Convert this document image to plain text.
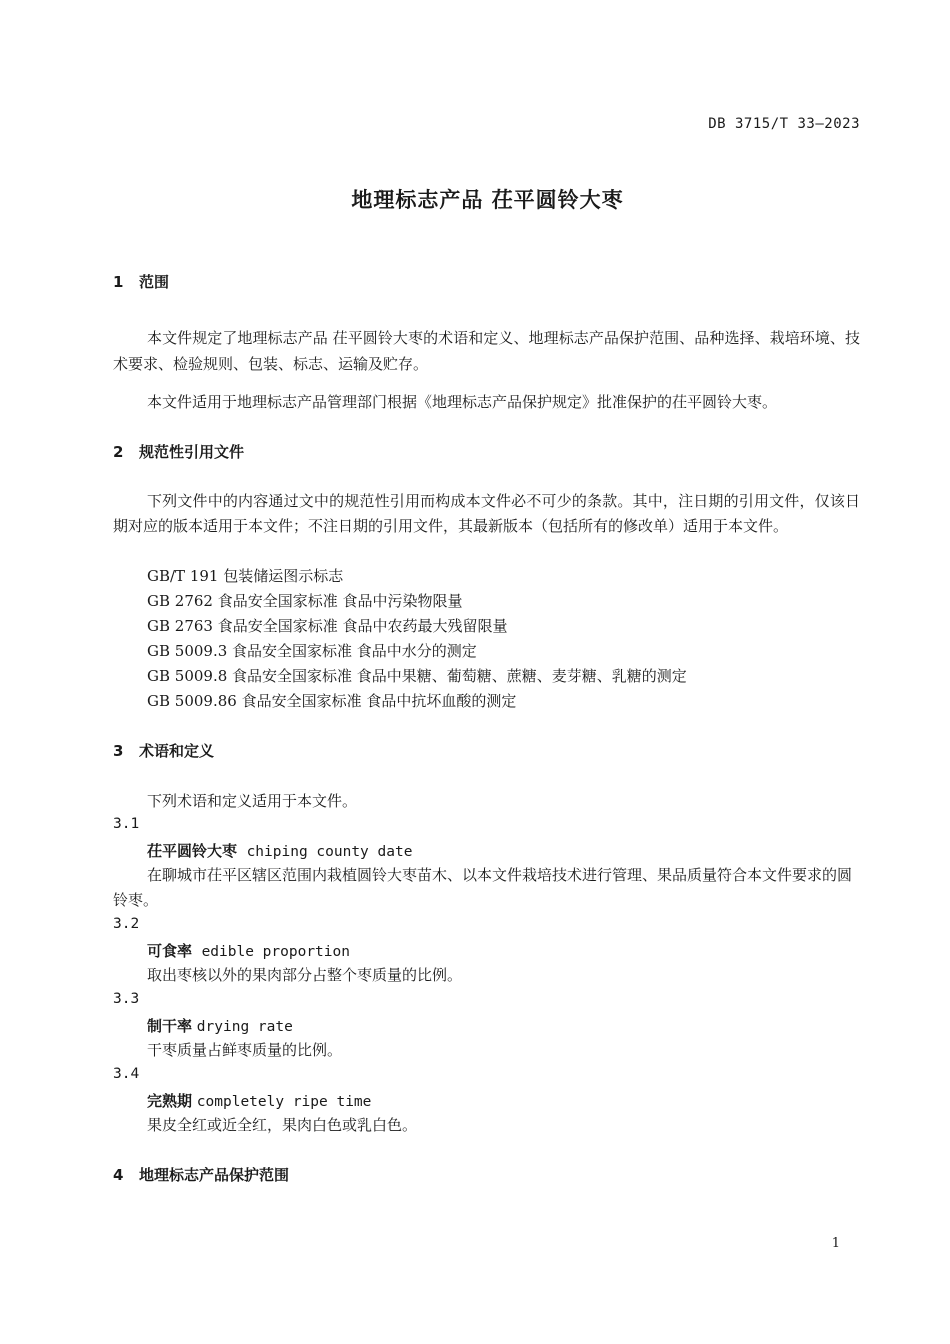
DB 3715/T 33—2023
地理标志产品 茌平圆铃大枣
1 范围
本文件规定了地理标志产品 茌平圆铃大枣的术语和定义、地理标志产品保护范围、品种选择、栽培环境、技术要求、检验规则、包装、标志、运输及贮存。
本文件适用于地理标志产品管理部门根据《地理标志产品保护规定》批准保护的茌平圆铃大枣。
2 规范性引用文件
下列文件中的内容通过文中的规范性引用而构成本文件必不可少的条款。其中，注日期的引用文件，仅该日期对应的版本适用于本文件；不注日期的引用文件，其最新版本（包括所有的修改单）适用于本文件。
GB/T 191 包装储运图示标志
GB 2762 食品安全国家标准 食品中污染物限量
GB 2763 食品安全国家标准 食品中农药最大残留限量
GB 5009.3 食品安全国家标准 食品中水分的测定
GB 5009.8 食品安全国家标准 食品中果糖、葡萄糖、蔗糖、麦芽糖、乳糖的测定
GB 5009.86 食品安全国家标准 食品中抗坏血酸的测定
3 术语和定义
下列术语和定义适用于本文件。
3.1
茌平圆铃大枣 chiping county date
在聊城市茌平区辖区范围内栽植圆铃大枣苗木、以本文件栽培技术进行管理、果品质量符合本文件要求的圆铃枣。
3.2
可食率 edible proportion
取出枣核以外的果肉部分占整个枣质量的比例。
3.3
制干率 drying rate
干枣质量占鲜枣质量的比例。
3.4
完熟期 completely ripe time
果皮全红或近全红，果肉白色或乳白色。
4 地理标志产品保护范围
1
